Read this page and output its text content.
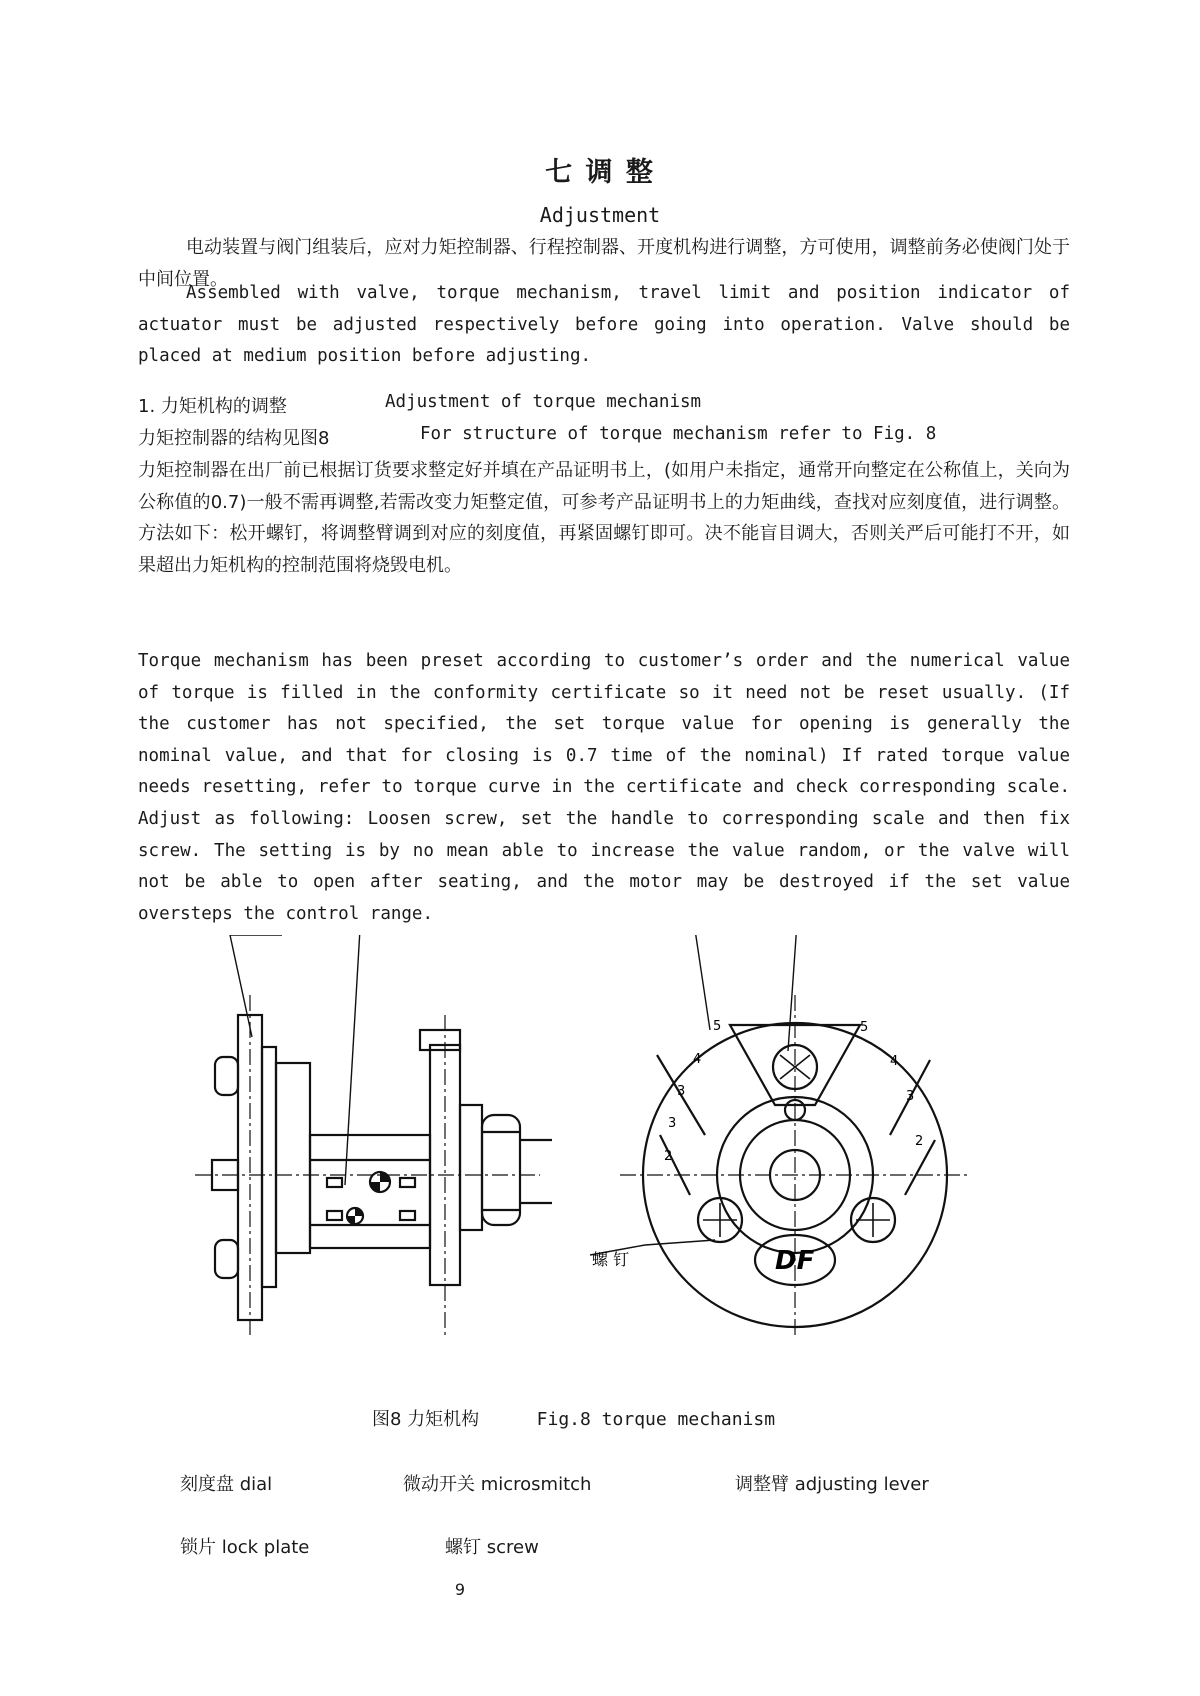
七 调 整
Adjustment
电动装置与阀门组装后，应对力矩控制器、行程控制器、开度机构进行调整，方可使用，调整前务必使阀门处于中间位置。
Assembled with valve, torque mechanism, travel limit and position indicator of actuator must be adjusted respectively before going into operation. Valve should be placed at medium position before adjusting.
1. 力矩机构的调整	Adjustment of torque mechanism
力矩控制器的结构见图8	For structure of torque mechanism refer to Fig. 8
力矩控制器在出厂前已根据订货要求整定好并填在产品证明书上，(如用户未指定，通常开向整定在公称值上，关向为公称值的0.7)一般不需再调整,若需改变力矩整定值，可参考产品证明书上的力矩曲线，查找对应刻度值，进行调整。方法如下：松开螺钉，将调整臂调到对应的刻度值，再紧固螺钉即可。决不能盲目调大，否则关严后可能打不开，如果超出力矩机构的控制范围将烧毁电机。
Torque mechanism has been preset according to customer’s order and the numerical value of torque is filled in the conformity certificate so it need not be reset usually. (If the customer has not specified, the set torque value for opening is generally the nominal value, and that for closing is 0.7 time of the nominal) If rated torque value needs resetting, refer to torque curve in the certificate and check corresponding scale. Adjust as following: Loosen screw, set the handle to corresponding scale and then fix screw. The setting is by no mean able to increase the value random, or the valve will not be able to open after seating, and the motor may be destroyed if the set value oversteps the control range.
螺 钉	DF
5
4
3
3
2
5
4
3
2
图8 力矩机构	Fig.8 torque mechanism
刻度盘 dial	微动开关 microsmitch	调整臂 adjusting lever
锁片 lock plate	螺钉 screw
9
